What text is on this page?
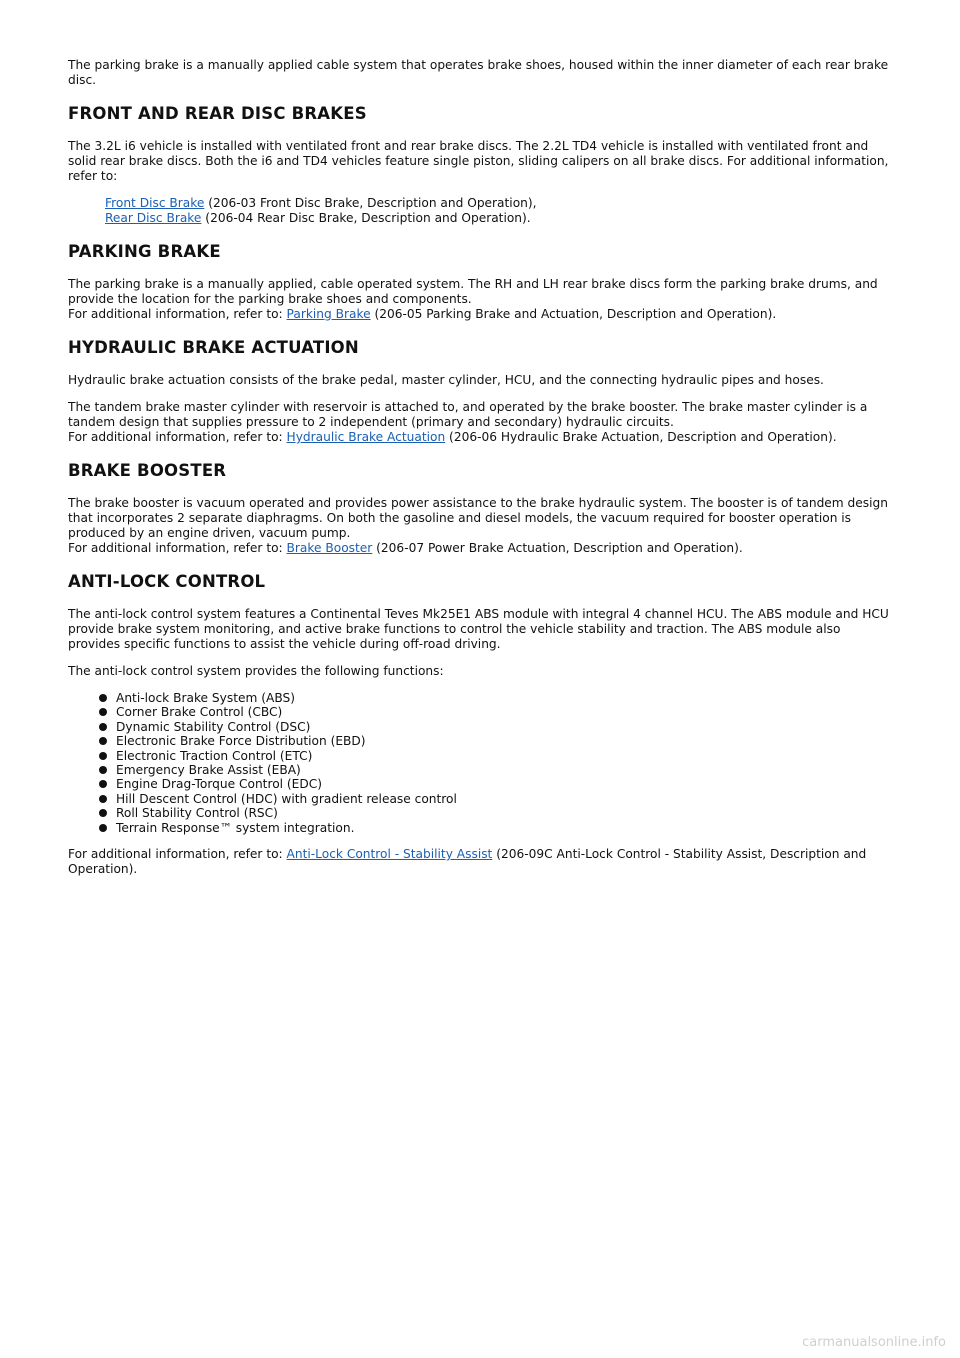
The parking brake is a manually applied cable system that operates brake shoes, housed within the inner diameter of each rear brake disc.

FRONT AND REAR DISC BRAKES

The 3.2L i6 vehicle is installed with ventilated front and rear brake discs. The 2.2L TD4 vehicle is installed with ventilated front and solid rear brake discs. Both the i6 and TD4 vehicles feature single piston, sliding calipers on all brake discs. For additional information, refer to:

Front Disc Brake (206-03 Front Disc Brake, Description and Operation),
Rear Disc Brake (206-04 Rear Disc Brake, Description and Operation).
PARKING BRAKE

The parking brake is a manually applied, cable operated system. The RH and LH rear brake discs form the parking brake drums, and provide the location for the parking brake shoes and components.
For additional information, refer to: Parking Brake (206-05 Parking Brake and Actuation, Description and Operation).

HYDRAULIC BRAKE ACTUATION

Hydraulic brake actuation consists of the brake pedal, master cylinder, HCU, and the connecting hydraulic pipes and hoses.

The tandem brake master cylinder with reservoir is attached to, and operated by the brake booster. The brake master cylinder is a tandem design that supplies pressure to 2 independent (primary and secondary) hydraulic circuits.
For additional information, refer to: Hydraulic Brake Actuation (206-06 Hydraulic Brake Actuation, Description and Operation).

BRAKE BOOSTER

The brake booster is vacuum operated and provides power assistance to the brake hydraulic system. The booster is of tandem design that incorporates 2 separate diaphragms. On both the gasoline and diesel models, the vacuum required for booster operation is produced by an engine driven, vacuum pump.
For additional information, refer to: Brake Booster (206-07 Power Brake Actuation, Description and Operation).

ANTI-LOCK CONTROL

The anti-lock control system features a Continental Teves Mk25E1 ABS module with integral 4 channel HCU. The ABS module and HCU provide brake system monitoring, and active brake functions to control the vehicle stability and traction. The ABS module also provides specific functions to assist the vehicle during off-road driving.

The anti-lock control system provides the following functions:

Anti-lock Brake System (ABS)
Corner Brake Control (CBC)
Dynamic Stability Control (DSC)
Electronic Brake Force Distribution (EBD)
Electronic Traction Control (ETC)
Emergency Brake Assist (EBA)
Engine Drag-Torque Control (EDC)
Hill Descent Control (HDC) with gradient release control
Roll Stability Control (RSC)
Terrain Response™ system integration.

For additional information, refer to: Anti-Lock Control - Stability Assist (206-09C Anti-Lock Control - Stability Assist, Description and Operation).

carmanualsonline.info
